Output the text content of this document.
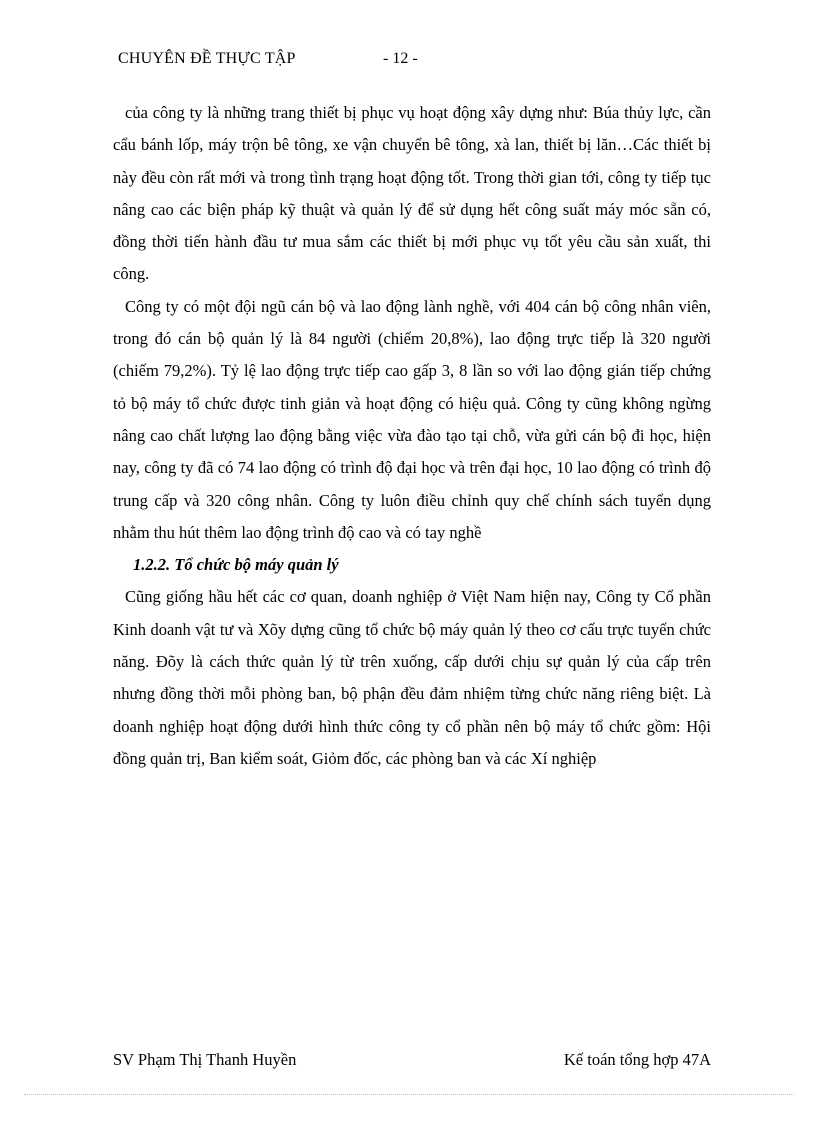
CHUYÊN ĐỀ THỰC TẬP	- 12 -

của công ty là những trang thiết bị phục vụ hoạt động xây dựng như: Búa thủy lực, cần cẩu bánh lốp, máy trộn bê tông, xe vận chuyển bê tông, xà lan, thiết bị lăn…Các thiết bị này đều còn rất mới và trong tình trạng hoạt động tốt. Trong thời gian tới, công ty tiếp tục nâng cao các biện pháp kỹ thuật và quản lý để sử dụng hết công suất máy móc sẵn có, đồng thời tiến hành đầu tư mua sắm các thiết bị mới phục vụ tốt yêu cầu sản xuất, thi công.

Công ty có một đội ngũ cán bộ và lao động lành nghề, với 404 cán bộ công nhân viên, trong đó cán bộ quản lý là 84 người (chiếm 20,8%), lao động trực tiếp là 320 người (chiếm 79,2%). Tỷ lệ lao động trực tiếp cao gấp 3, 8 lần so với lao động gián tiếp chứng tỏ bộ máy tổ chức được tinh giản và hoạt động có hiệu quả. Công ty cũng không ngừng nâng cao chất lượng lao động bằng việc vừa đào tạo tại chỗ, vừa gửi cán bộ đi học, hiện nay, công ty đã có 74 lao động có trình độ đại học và trên đại học, 10 lao động có trình độ trung cấp và 320 công nhân. Công ty luôn điều chỉnh quy chế chính sách tuyển dụng nhằm thu hút thêm lao động trình độ cao và có tay nghề

1.2.2. Tổ chức bộ máy quản lý

Cũng giống hầu hết các cơ quan, doanh nghiệp ở Việt Nam hiện nay, Công ty Cổ phần Kinh doanh vật tư và Xõy dựng cũng tổ chức bộ máy quản lý theo cơ cấu trực tuyến chức năng. Đõy là cách thức quản lý từ trên xuống, cấp dưới chịu sự quản lý của cấp trên nhưng đồng thời mỗi phòng ban, bộ phận đều đảm nhiệm từng chức năng riêng biệt. Là doanh nghiệp hoạt động dưới hình thức công ty cổ phần nên bộ máy tổ chức gồm: Hội đồng quản trị, Ban kiểm soát, Giỏm đốc, các phòng ban và các Xí nghiệp

SV Phạm Thị Thanh Huyền	Kế toán tổng hợp 47A
